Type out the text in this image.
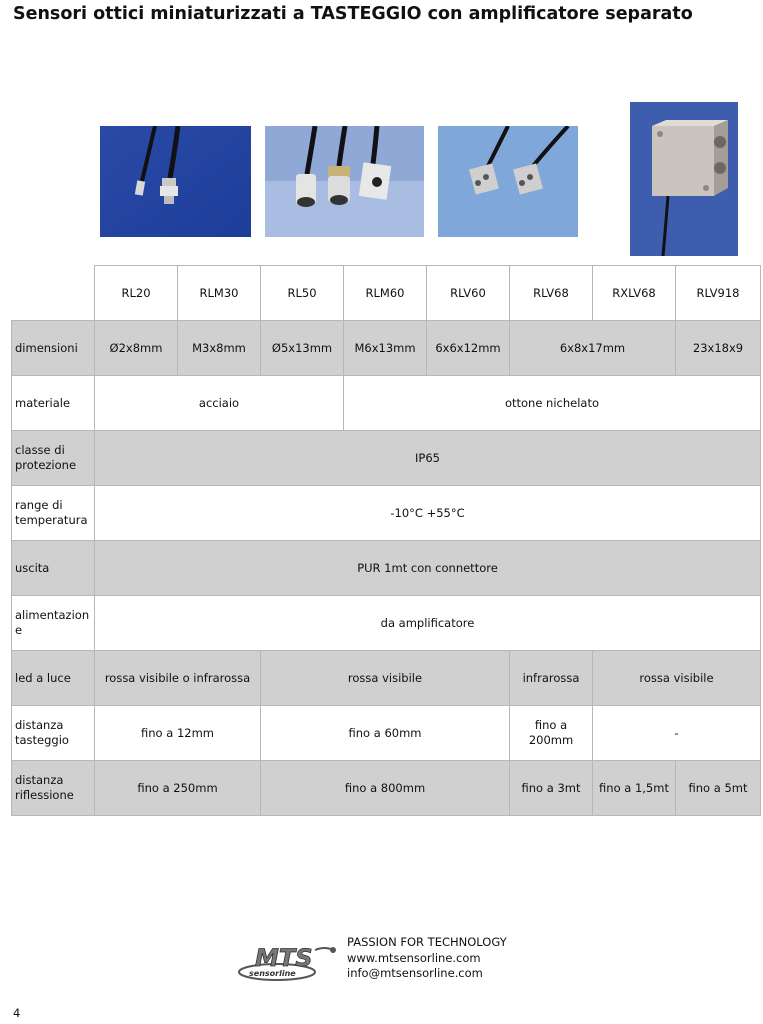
Sensori ottici miniaturizzati a TASTEGGIO con amplificatore separato
	RL20	RLM30	RL50	RLM60	RLV60	RLV68	RXLV68	RLV918
dimensioni	Ø2x8mm	M3x8mm	Ø5x13mm	M6x13mm	6x6x12mm	6x8x17mm		23x18x9
materiale	acciaio			ottone nichelato				
classe di protezione	IP65							
range di temperatura	-10°C +55°C							
uscita	PUR 1mt con connettore							
alimentazion e	da amplificatore							
led a luce	rossa visibile o infrarossa		rossa visibile			infrarossa	rossa visibile	
distanza tasteggio	fino a 12mm		fino a 60mm			fino a 200mm	-	
distanza riflessione	fino a 250mm		fino a 800mm			fino a 3mt	fino a 1,5mt	fino a 5mt
MTS
sensorline
PASSION FOR TECHNOLOGY
www.mtsensorline.com
info@mtsensorline.com
4
